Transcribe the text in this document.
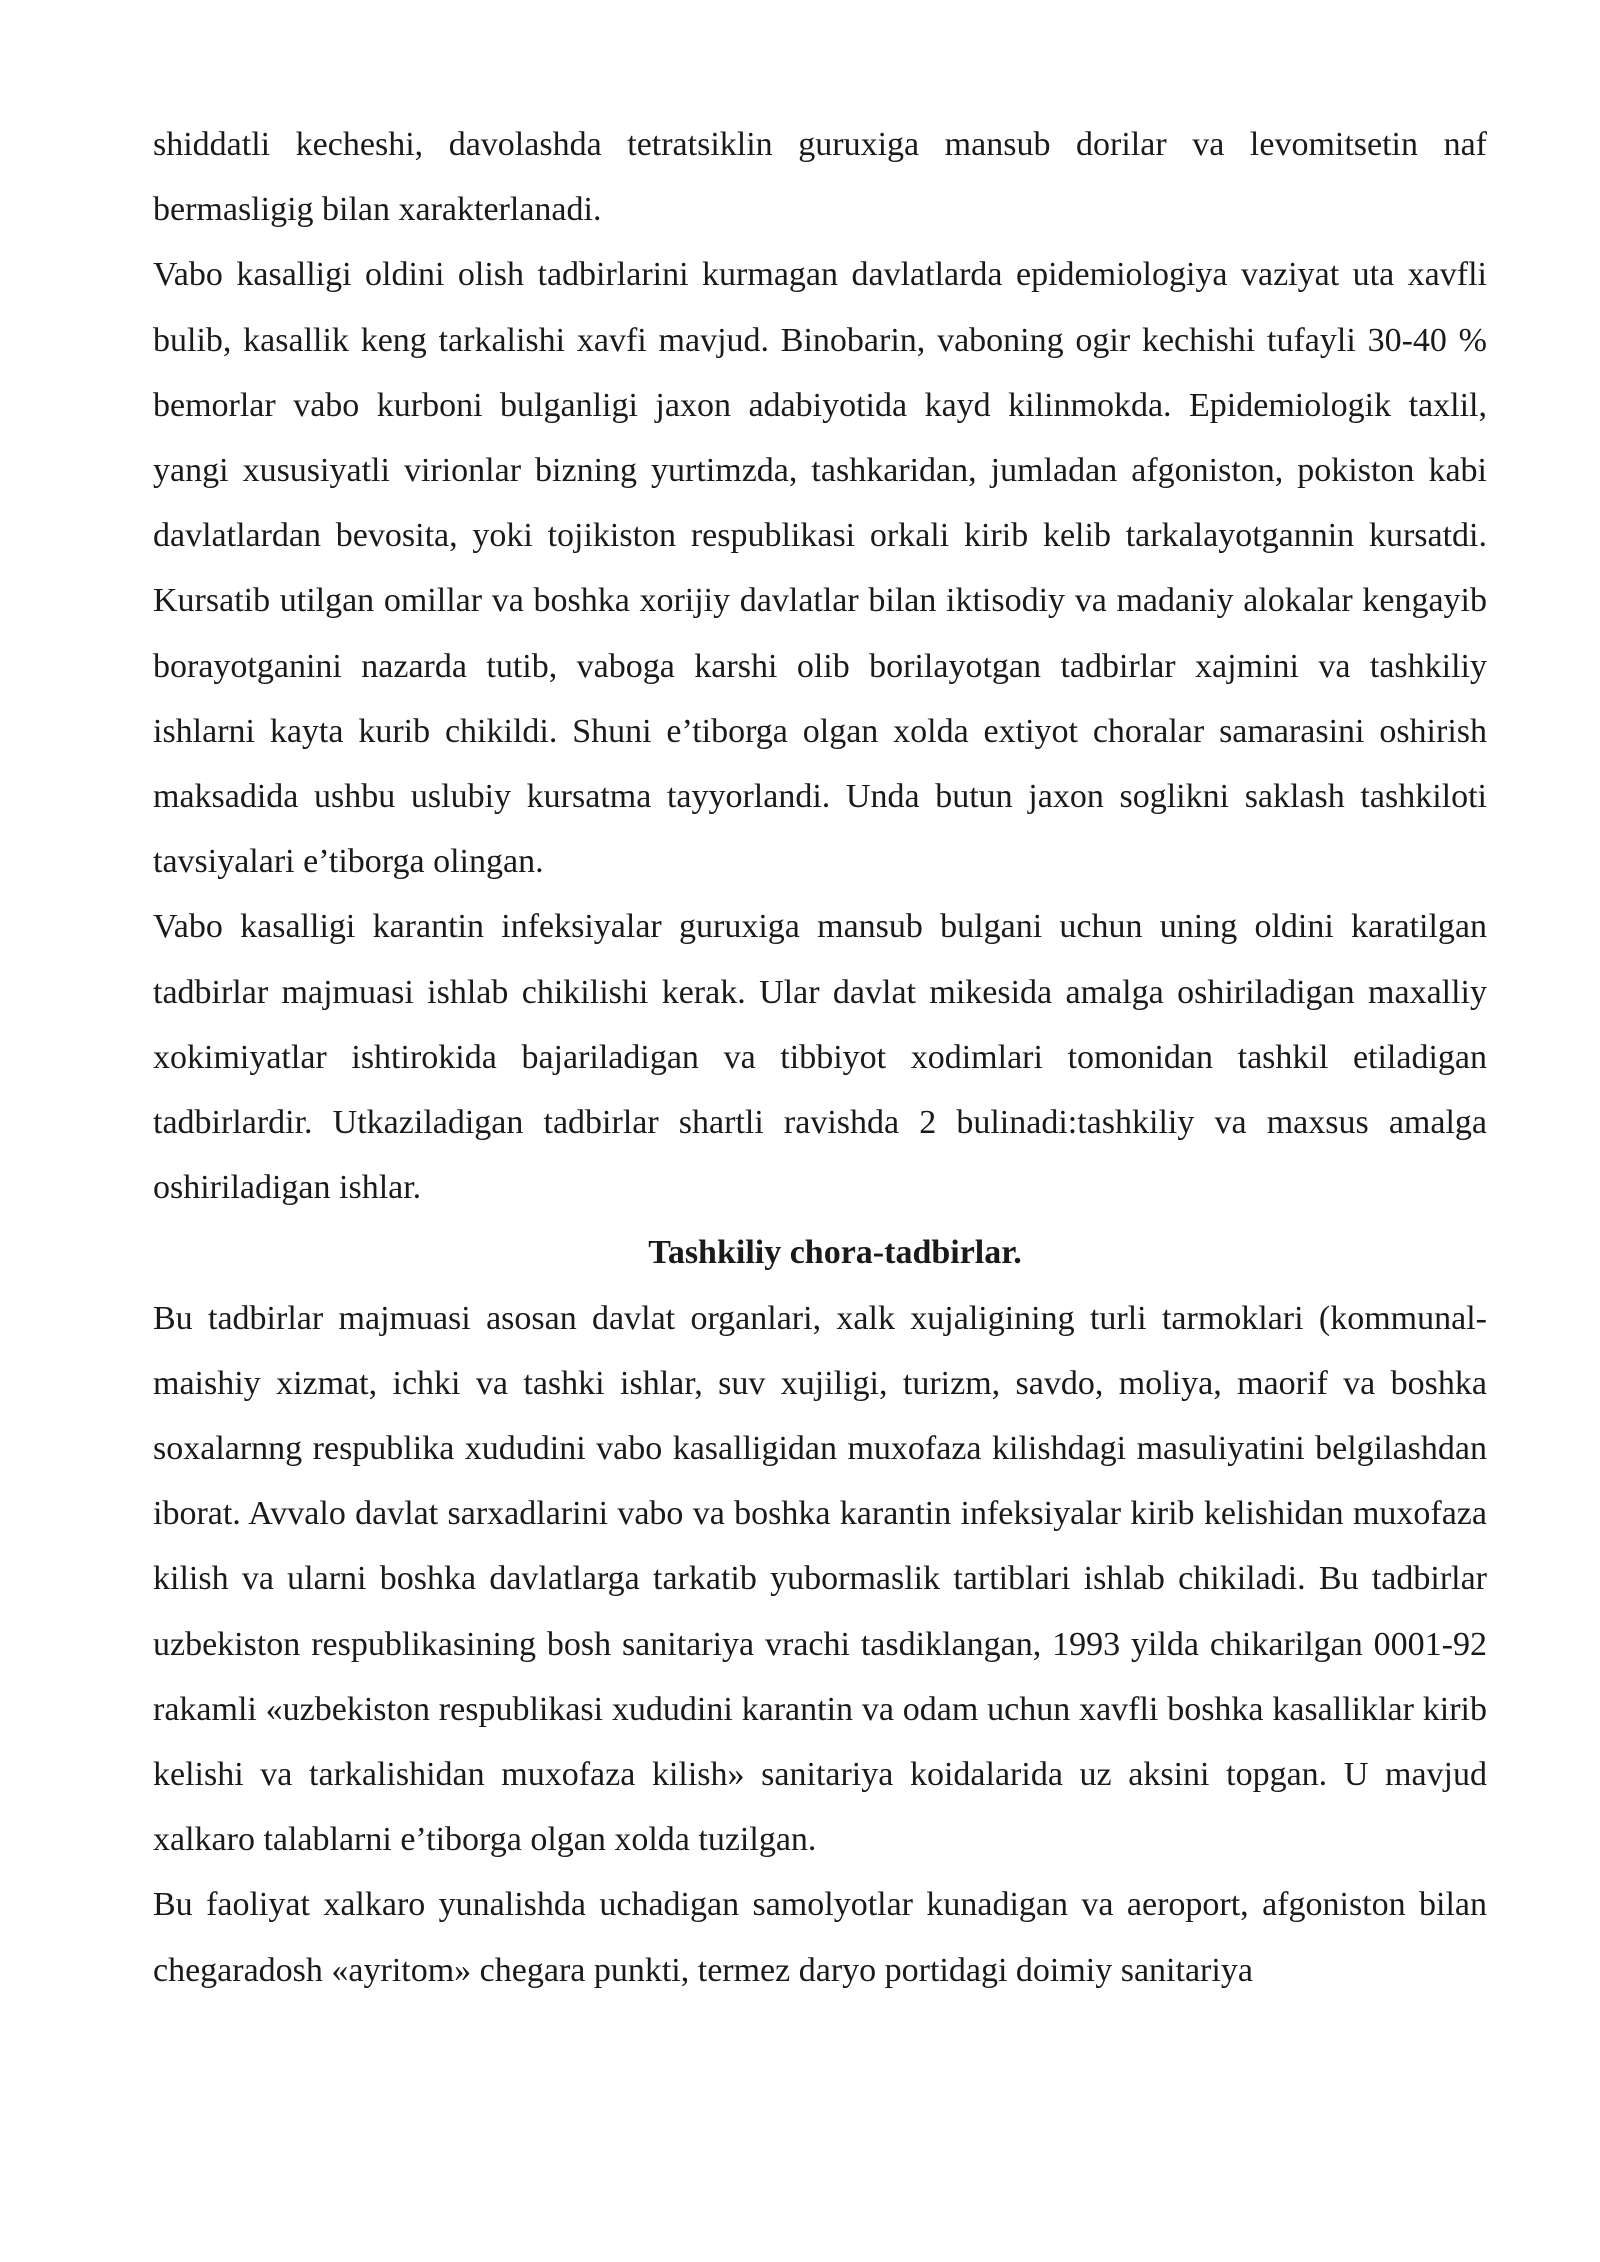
shiddatli kecheshi, davolashda tetratsiklin guruxiga mansub dorilar va levomitsetin naf bermasligig bilan xarakterlanadi.

Vabo kasalligi oldini olish tadbirlarini kurmagan davlatlarda epidemiologiya vaziyat uta xavfli bulib, kasallik keng tarkalishi xavfi mavjud. Binobarin, vaboning ogir kechishi tufayli 30-40 % bemorlar vabo kurboni bulganligi jaxon adabiyotida kayd kilinmokda. Epidemiologik taxlil, yangi xususiyatli virionlar bizning yurtimzda, tashkaridan, jumladan afgoniston, pokiston kabi davlatlardan bevosita, yoki tojikiston respublikasi orkali kirib kelib tarkalayotgannin kursatdi. Kursatib utilgan omillar va boshka xorijiy davlatlar bilan iktisodiy va madaniy alokalar kengayib borayotganini nazarda tutib, vaboga karshi olib borilayotgan tadbirlar xajmini va tashkiliy ishlarni kayta kurib chikildi. Shuni e’tiborga olgan xolda extiyot choralar samarasini oshirish maksadida ushbu uslubiy kursatma tayyorlandi. Unda butun jaxon soglikni saklash tashkiloti tavsiyalari e’tiborga olingan.

Vabo kasalligi karantin infeksiyalar guruxiga mansub bulgani uchun uning oldini karatilgan tadbirlar majmuasi ishlab chikilishi kerak. Ular davlat mikesida amalga oshiriladigan maxalliy xokimiyatlar ishtirokida bajariladigan va tibbiyot xodimlari tomonidan tashkil etiladigan tadbirlardir. Utkaziladigan tadbirlar shartli ravishda 2 bulinadi:tashkiliy va maxsus amalga oshiriladigan ishlar.

Tashkiliy chora-tadbirlar.

Bu tadbirlar majmuasi asosan davlat organlari, xalk xujaligining turli tarmoklari (kommunal-maishiy xizmat, ichki va tashki ishlar, suv xujiligi, turizm, savdo, moliya, maorif va boshka soxalarnng respublika xududini vabo kasalligidan muxofaza kilishdagi masuliyatini belgilashdan iborat. Avvalo davlat sarxadlarini vabo va boshka karantin infeksiyalar kirib kelishidan muxofaza kilish va ularni boshka davlatlarga tarkatib yubormaslik tartiblari ishlab chikiladi. Bu tadbirlar uzbekiston respublikasining bosh sanitariya vrachi tasdiklangan, 1993 yilda chikarilgan 0001-92 rakamli «uzbekiston respublikasi xududini karantin va odam uchun xavfli boshka kasalliklar kirib kelishi va tarkalishidan muxofaza kilish» sanitariya koidalarida uz aksini topgan. U mavjud xalkaro talablarni e’tiborga olgan xolda tuzilgan.

Bu faoliyat xalkaro yunalishda uchadigan samolyotlar kunadigan va aeroport, afgoniston bilan chegaradosh «ayritom» chegara punkti, termez daryo portidagi doimiy sanitariya
